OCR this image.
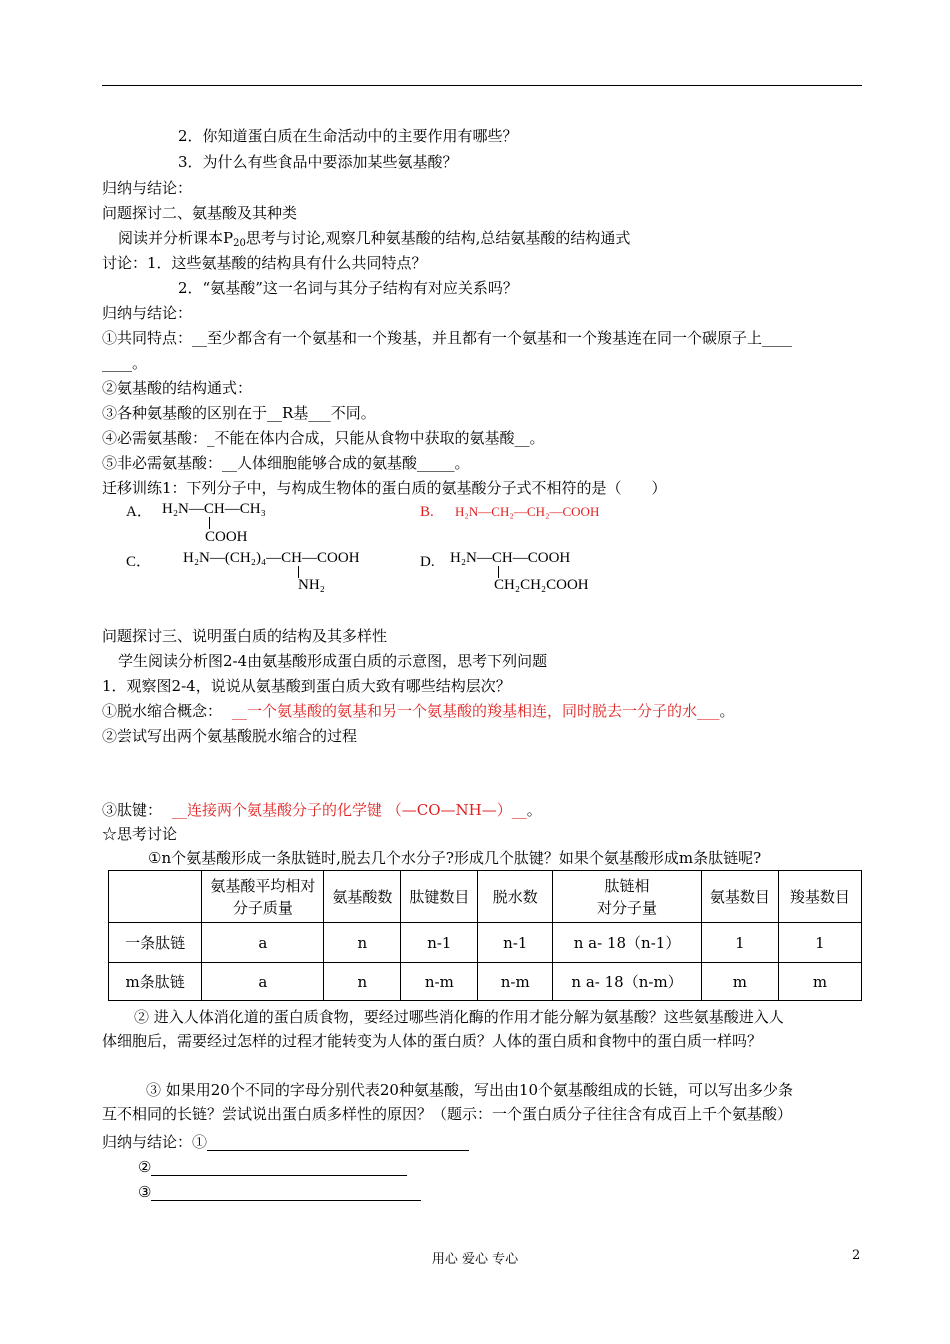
2．你知道蛋白质在生命活动中的主要作用有哪些？
3．为什么有些食品中要添加某些氨基酸？
归纳与结论：
问题探讨二、氨基酸及其种类
阅读并分析课本$P_{20}$思考与讨论,观察几种氨基酸的结构,总结氨基酸的结构通式
讨论：1．这些氨基酸的结构具有什么共同特点？
2．“氨基酸”这一名词与其分子结构有对应关系吗？
归纳与结论：
①共同特点：__至少都含有一个氨基和一个羧基，并且都有一个氨基和一个羧基连在同一个碳原子上____
____。
②氨基酸的结构通式：
③各种氨基酸的区别在于__R基___不同。
④必需氨基酸：_不能在体内合成，只能从食物中获取的氨基酸__。
⑤非必需氨基酸：__人体细胞能够合成的氨基酸_____。
迁移训练1：下列分子中，与构成生物体的蛋白质的氨基酸分子式不相符的是（　　）
A． H₂N—CH—CH₃
COOH
B. H₂N—CH₂—CH₂—COOH
C． H₂N—(CH₂)₄—CH—COOH
NH₂
D. H₂N—CH—COOH
CH₂CH₂COOH
问题探讨三、说明蛋白质的结构及其多样性
学生阅读分析图2-4由氨基酸形成蛋白质的示意图，思考下列问题
1．观察图2-4，说说从氨基酸到蛋白质大致有哪些结构层次？
①脱水缩合概念： __一个氨基酸的氨基和另一个氨基酸的羧基相连，同时脱去一分子的水___。
②尝试写出两个氨基酸脱水缩合的过程
③肽键： __连接两个氨基酸分子的化学键 （—CO—NH—）__。
☆思考讨论
①n个氨基酸形成一条肽链时,脱去几个水分子?形成几个肽键？如果个氨基酸形成m条肽链呢?
	氨基酸平均相对
分子质量	氨基酸数	肽键数目	脱水数	肽链相
对分子量	氨基数目	羧基数目
一条肽链	a	n	n-1	n-1	n a- 18（n-1）	1	1
m条肽链	a	n	n-m	n-m	n a- 18（n-m）	m	m
② 进入人体消化道的蛋白质食物，要经过哪些消化酶的作用才能分解为氨基酸？这些氨基酸进入人
体细胞后，需要经过怎样的过程才能转变为人体的蛋白质？人体的蛋白质和食物中的蛋白质一样吗？
③ 如果用20个不同的字母分别代表20种氨基酸，写出由10个氨基酸组成的长链，可以写出多少条
互不相同的长链？尝试说出蛋白质多样性的原因？（题示：一个蛋白质分子往往含有成百上千个氨基酸）
归纳与结论：①
②
③
用心 爱心 专心	2
